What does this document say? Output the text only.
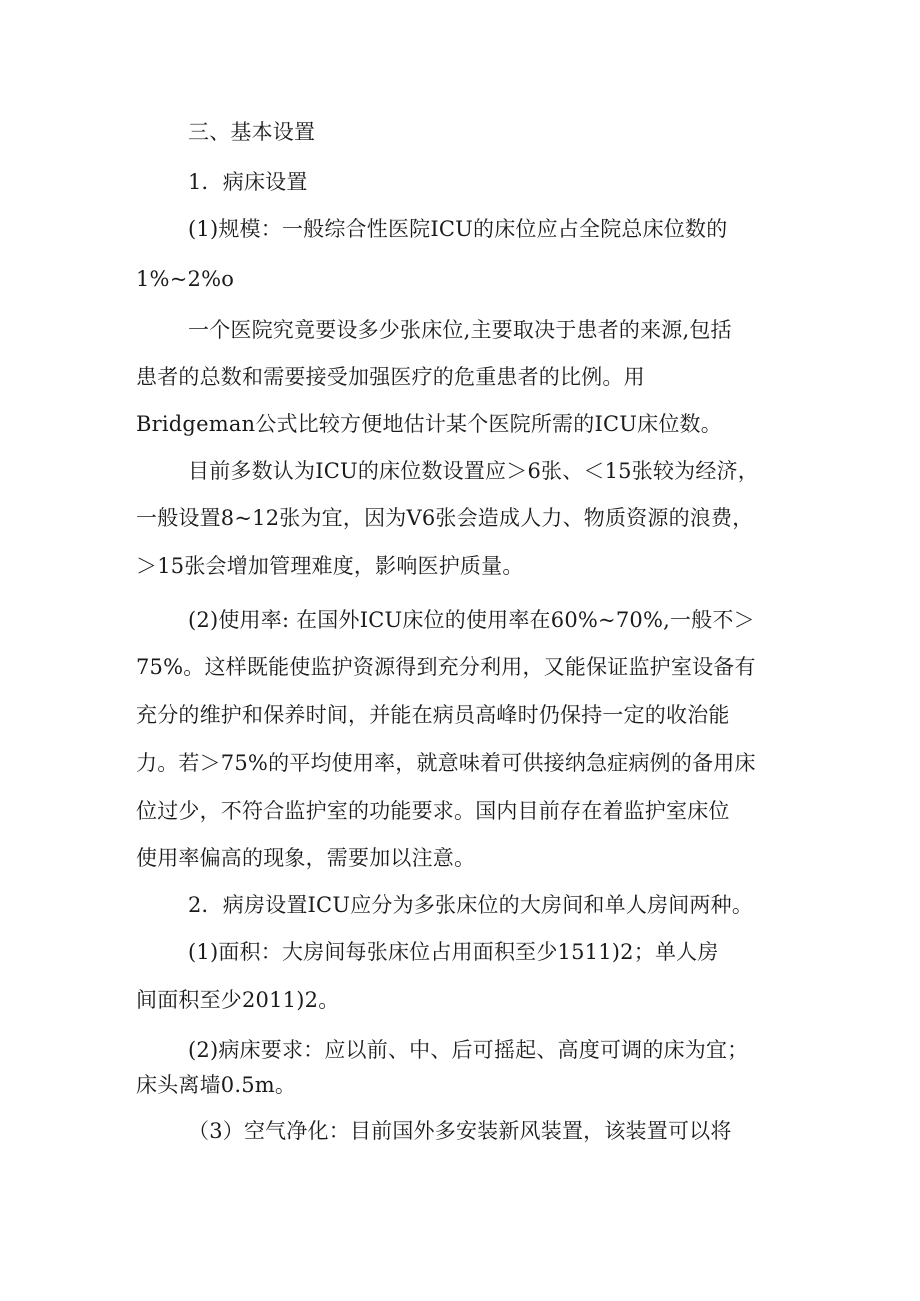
三、基本设置
1．病床设置
(1)规模：一般综合性医院ICU的床位应占全院总床位数的
1%~2%o
一个医院究竟要设多少张床位,主要取决于患者的来源,包括
患者的总数和需要接受加强医疗的危重患者的比例。用
Bridgeman公式比较方便地估计某个医院所需的ICU床位数。
目前多数认为ICU的床位数设置应＞6张、＜15张较为经济，
一般设置8~12张为宜，因为V6张会造成人力、物质资源的浪费，
＞15张会增加管理难度，影响医护质量。
(2)使用率: 在国外ICU床位的使用率在60%~70%,一般不＞
75%。这样既能使监护资源得到充分利用，又能保证监护室设备有
充分的维护和保养时间，并能在病员高峰时仍保持一定的收治能
力。若＞75%的平均使用率，就意味着可供接纳急症病例的备用床
位过少，不符合监护室的功能要求。国内目前存在着监护室床位
使用率偏高的现象，需要加以注意。
2．病房设置ICU应分为多张床位的大房间和单人房间两种。
(1)面积：大房间每张床位占用面积至少1511)2；单人房
间面积至少2011)2。
(2)病床要求：应以前、中、后可摇起、高度可调的床为宜；
床头离墙0.5m。
（3）空气净化：目前国外多安装新风装置，该装置可以将
